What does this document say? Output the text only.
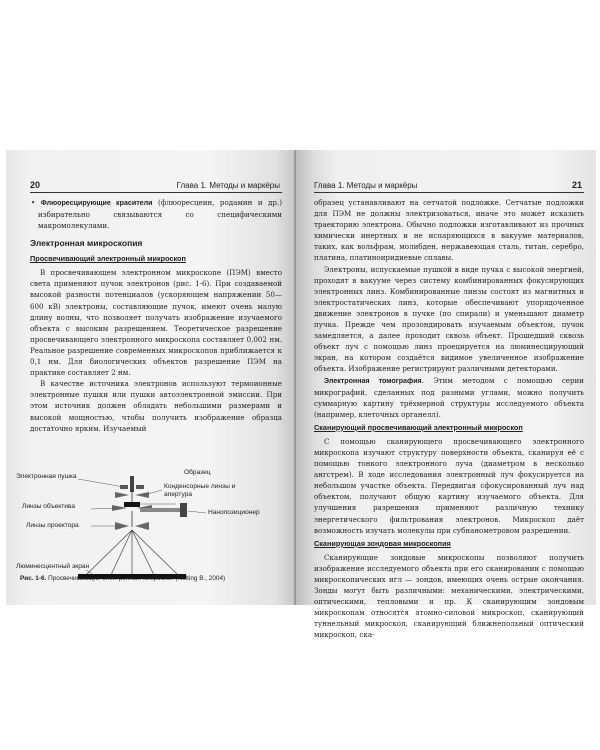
20	Глава 1. Методы и маркёры

• Флюоресцирующие красители (флюоресцеин, родамин и др.) избирательно связываются со специфическими макромолекулами.

Электронная микроскопия
Просвечивающий электронный микроскоп

В просвечивающем электронном микроскопе (ПЭМ) вместо света применяют пучок электронов (рис. 1-6). При создаваемой высокой разности потенциалов (ускоряющем напряжении 50—600 кВ) электроны, составляющие пучок, имеют очень малую длину волны, что позволяет получать изображение изучаемого объекта с высоким разрешением. Теоретическое разрешение просвечивающего электронного микроскопа составляет 0,002 нм. Реальное разрешение современных микроскопов приближается к 0,1 нм. Для биологических объектов разрешение ПЭМ на практике составляет 2 нм.

В качестве источника электронов используют термоионные электронные пушки или пушки автоэлектронной эмиссии. При этом источник должен обладать небольшими размерами и высокой мощностью, чтобы получить изображение образца достаточно ярким. Изучаемый

Электронная пушка
Конденсорные линзы и апертура
Образец
Линзы объектива
Линзы проектора
Нанопозиционер
Люминесцентный экран
Рис. 1-6. Просвечивающий электронный микроскоп (Nölting B., 2004)
Глава 1. Методы и маркёры	21

образец устанавливают на сетчатой подложке. Сетчатые подложки для ПЭМ не должны электризоваться, иначе это может исказить траекторию электрона. Обычно подложки изготавливают из прочных химически инертных и не испаряющихся в вакууме материалов, таких, как вольфрам, молибден, нержавеющая сталь, титан, серебро, платина, платиноиридиевые сплавы.

Электроны, испускаемые пушкой в виде пучка с высокой энергией, проходят в вакууме через систему комбинированных фокусирующих электронных линз. Комбинированные линзы состоят из магнитных и электростатических линз, которые обеспечивают упорядоченное движение электронов в пучке (по спирали) и уменьшают диаметр пучка. Прежде чем прозондировать изучаемым объектом, пучок замедляется, а далее проходит сквозь объект. Прошедший сквозь объект луч с помощью линз проецируется на люминесцирующий экран, на котором создаётся видимое увеличенное изображение объекта. Изображение регистрируют различными детекторами.

Электронная томография. Этим методом с помощью серии микрографий, сделанных под разными углами, можно получить суммарную картину трёхмерной структуры исследуемого объекта (например, клеточных органелл).

Сканирующий просвечивающий электронный микроскоп

С помощью сканирующего просвечивающего электронного микроскопа изучают структуру поверхности объекта, сканируя её с помощью тонкого электронного луча (диаметром в несколько ангстрем). В ходе исследования электронный луч фокусируется на небольшом участке объекта. Передвигая сфокусированный луч над объектом, получают общую картину изучаемого объекта. Для улучшения разрешения применяют различную технику энергетического фильтрования электронов. Микроскоп даёт возможность изучать молекулы при субнанометровом разрешении.

Сканирующая зондовая микроскопия

Сканирующие зондовые микроскопы позволяют получить изображение исследуемого объекта при его сканировании с помощью микроскопических игл — зондов, имеющих очень острые окончания. Зонды могут быть различными: механическими, электрическими, оптическими, тепловыми и пр. К сканирующим зондовым микроскопам относятся атомно-силовой микроскоп, сканирующий туннельный микроскоп, сканирующий ближнепольный оптический микроскоп, ска-
